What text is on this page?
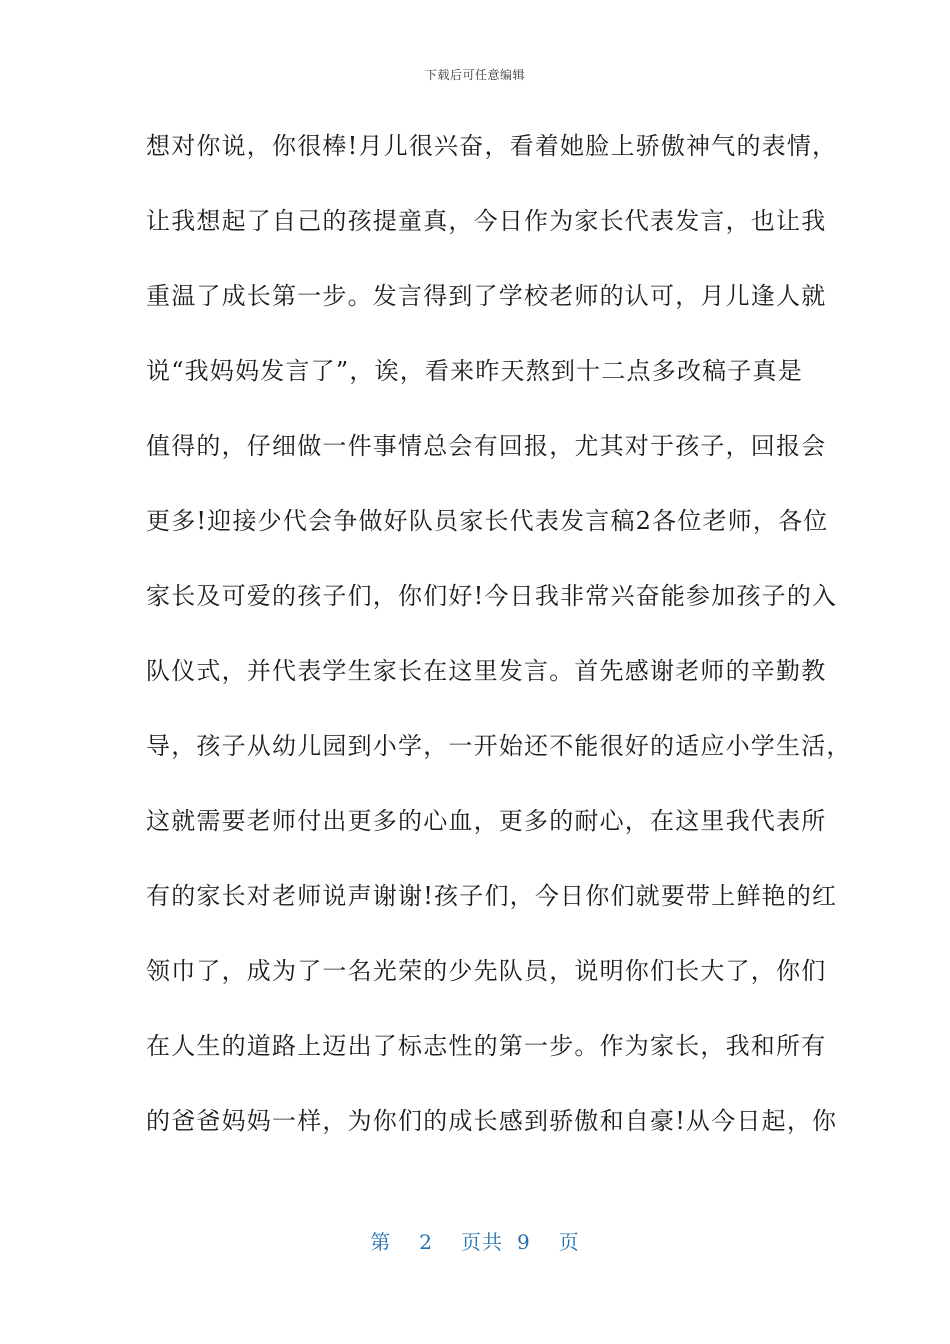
下载后可任意编辑
想对你说，你很棒!月儿很兴奋，看着她脸上骄傲神气的表情，
让我想起了自己的孩提童真，今日作为家长代表发言，也让我
重温了成长第一步。发言得到了学校老师的认可，月儿逢人就
说“我妈妈发言了”，诶，看来昨天熬到十二点多改稿子真是
值得的，仔细做一件事情总会有回报，尤其对于孩子，回报会
更多!迎接少代会争做好队员家长代表发言稿2各位老师，各位
家长及可爱的孩子们，你们好!今日我非常兴奋能参加孩子的入
队仪式，并代表学生家长在这里发言。首先感谢老师的辛勤教
导，孩子从幼儿园到小学，一开始还不能很好的适应小学生活，
这就需要老师付出更多的心血，更多的耐心，在这里我代表所
有的家长对老师说声谢谢!孩子们，今日你们就要带上鲜艳的红
领巾了，成为了一名光荣的少先队员，说明你们长大了，你们
在人生的道路上迈出了标志性的第一步。作为家长，我和所有
的爸爸妈妈一样，为你们的成长感到骄傲和自豪!从今日起，你
第 2 页共 9 页
